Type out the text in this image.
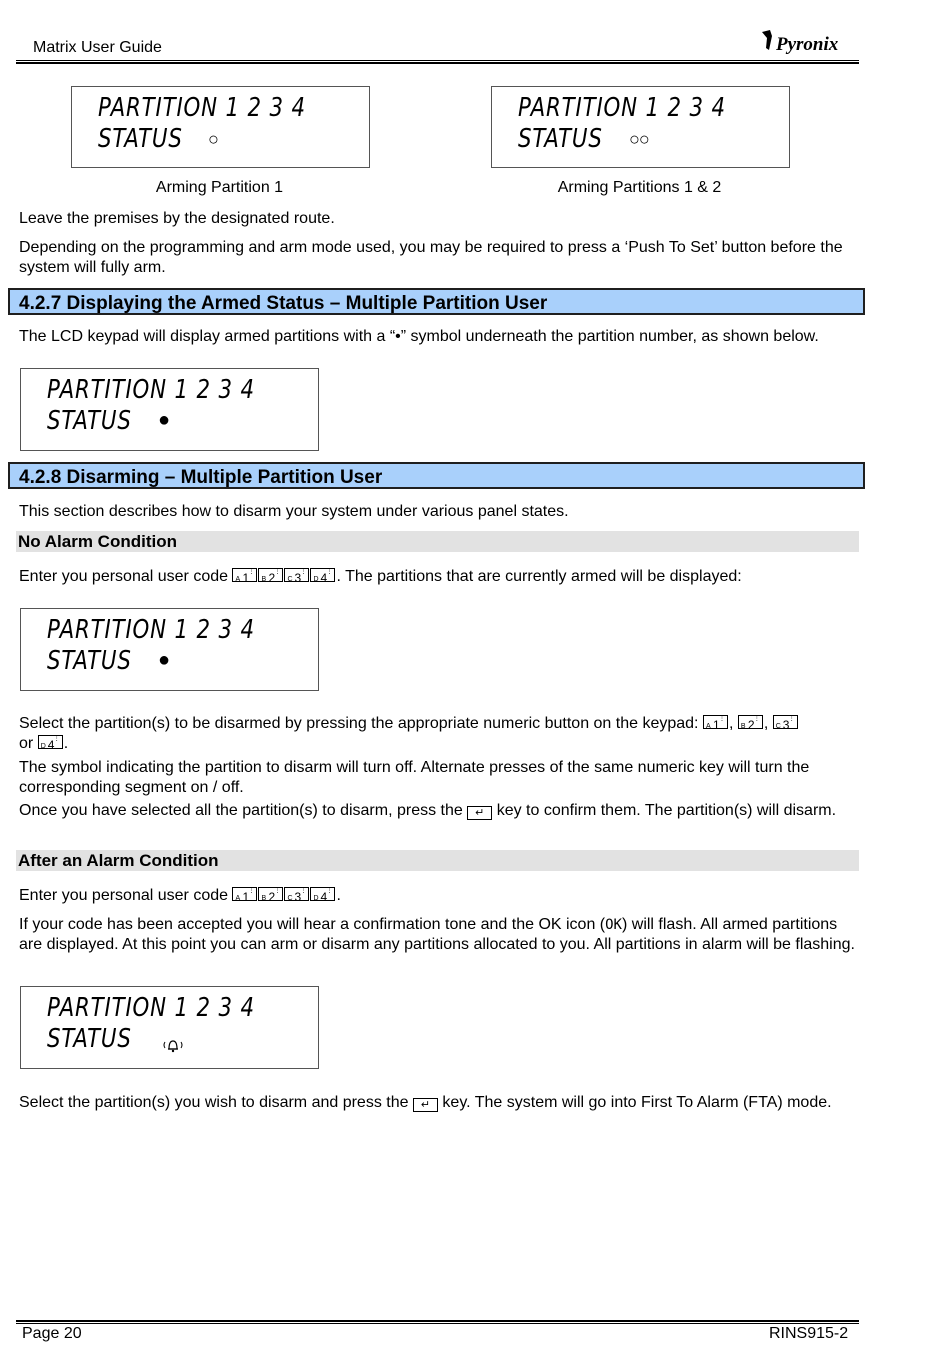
Matrix User Guide	Pyronix
PARTITION 1 2 3 4
STATUS ○
PARTITION 1 2 3 4
STATUS ○○
Arming Partition 1	Arming Partitions 1 & 2
Leave the premises by the designated route.
Depending on the programming and arm mode used, you may be required to press a ‘Push To Set’ button before the system will fully arm.
4.2.7 Displaying the Armed Status – Multiple Partition User
The LCD keypad will display armed partitions with a “•” symbol underneath the partition number, as shown below.
PARTITION 1 2 3 4
STATUS ●
4.2.8 Disarming – Multiple Partition User
This section describes how to disarm your system under various panel states.
No Alarm Condition
Enter you personal user code A 1 ⋮
B 2 ⋮
C 3 ⋮
D 4 ⋮ . The partitions that are currently armed will be displayed:
PARTITION 1 2 3 4
STATUS ●
Select the partition(s) to be disarmed by pressing the appropriate numeric button on the keypad: A 1 ⋮ , B 2 ⋮ , C 3 ⋮

or D 4 ⋮ .
The symbol indicating the partition to disarm will turn off. Alternate presses of the same numeric key will turn the corresponding segment on / off.
Once you have selected all the partition(s) to disarm, press the ↵ key to confirm them. The partition(s) will disarm.
After an Alarm Condition
Enter you personal user code A 1 ⋮
B 2 ⋮
C 3 ⋮
D 4 ⋮ .
If your code has been accepted you will hear a confirmation tone and the OK icon (OK) will flash. All armed partitions are displayed. At this point you can arm or disarm any partitions allocated to you. All partitions in alarm will be flashing.
PARTITION 1 2 3 4
STATUS
Select the partition(s) you wish to disarm and press the ↵ key. The system will go into First To Alarm (FTA) mode.
Page 20	RINS915-2
